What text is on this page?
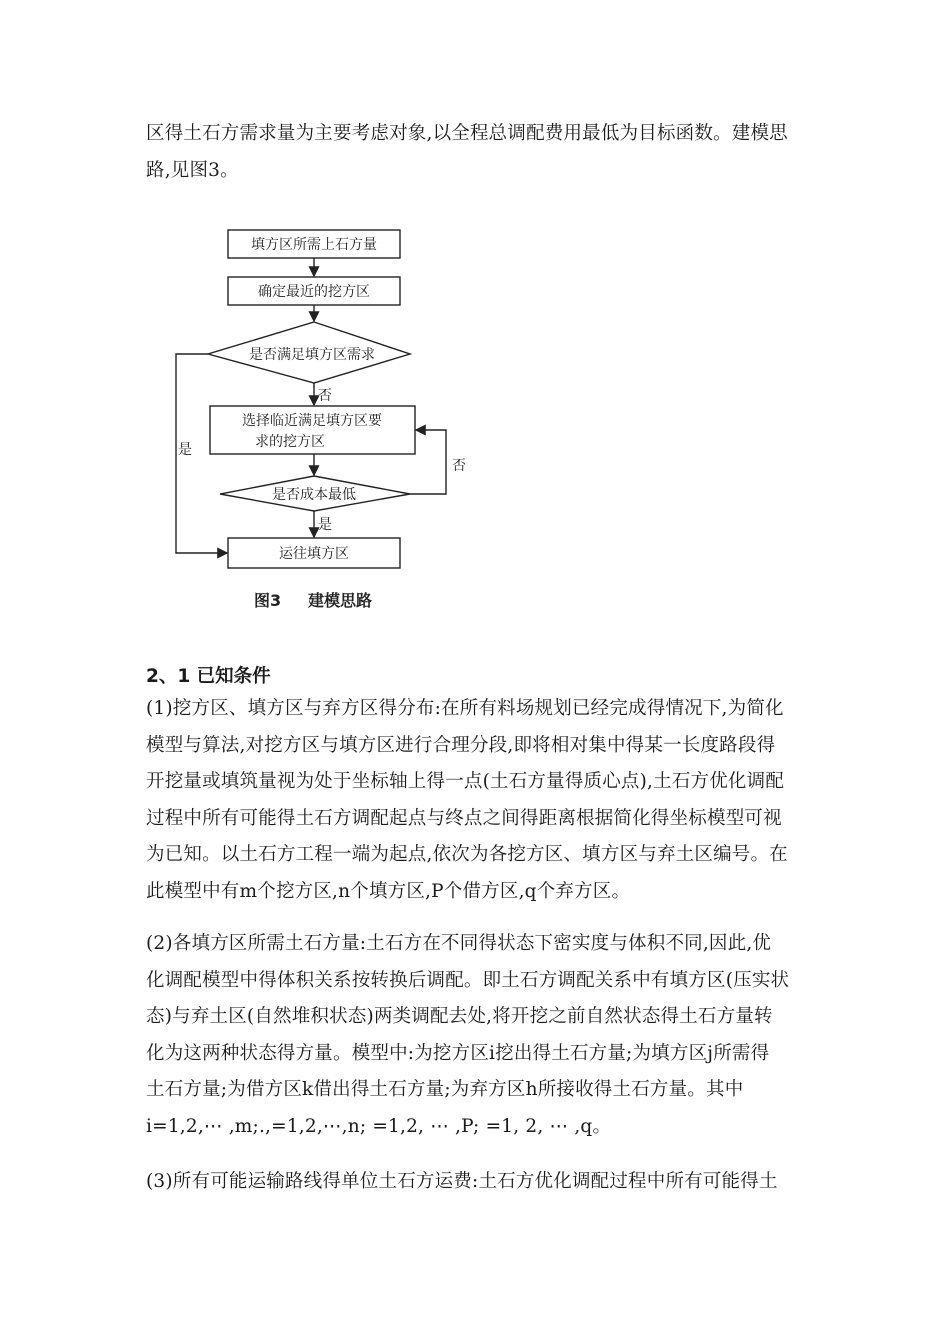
区得土石方需求量为主要考虑对象,以全程总调配费用最低为目标函数。建模思
路,见图3。

填方区所需上石方量
确定最近的挖方区
是否满足填方区需求
否
选择临近满足填方区要
求的挖方区
是
否
是否成本最低
是
运往填方区
图3 建模思路

2、1 已知条件

(1)挖方区、填方区与弃方区得分布:在所有料场规划已经完成得情况下,为简化
模型与算法,对挖方区与填方区进行合理分段,即将相对集中得某一长度路段得
开挖量或填筑量视为处于坐标轴上得一点(土石方量得质心点),土石方优化调配
过程中所有可能得土石方调配起点与终点之间得距离根据简化得坐标模型可视
为已知。以土石方工程一端为起点,依次为各挖方区、填方区与弃土区编号。在
此模型中有m个挖方区,n个填方区,P个借方区,q个弃方区。

(2)各填方区所需土石方量:土石方在不同得状态下密实度与体积不同,因此,优
化调配模型中得体积关系按转换后调配。即土石方调配关系中有填方区(压实状
态)与弃土区(自然堆积状态)两类调配去处,将开挖之前自然状态得土石方量转
化为这两种状态得方量。模型中:为挖方区i挖出得土石方量;为填方区j所需得
土石方量;为借方区k借出得土石方量;为弃方区h所接收得土石方量。其中
i=1,2,⋯ ,m;.,=1,2,⋯,n; =1,2, ⋯ ,P; =1, 2, ⋯ ,q。

(3)所有可能运输路线得单位土石方运费:土石方优化调配过程中所有可能得土
